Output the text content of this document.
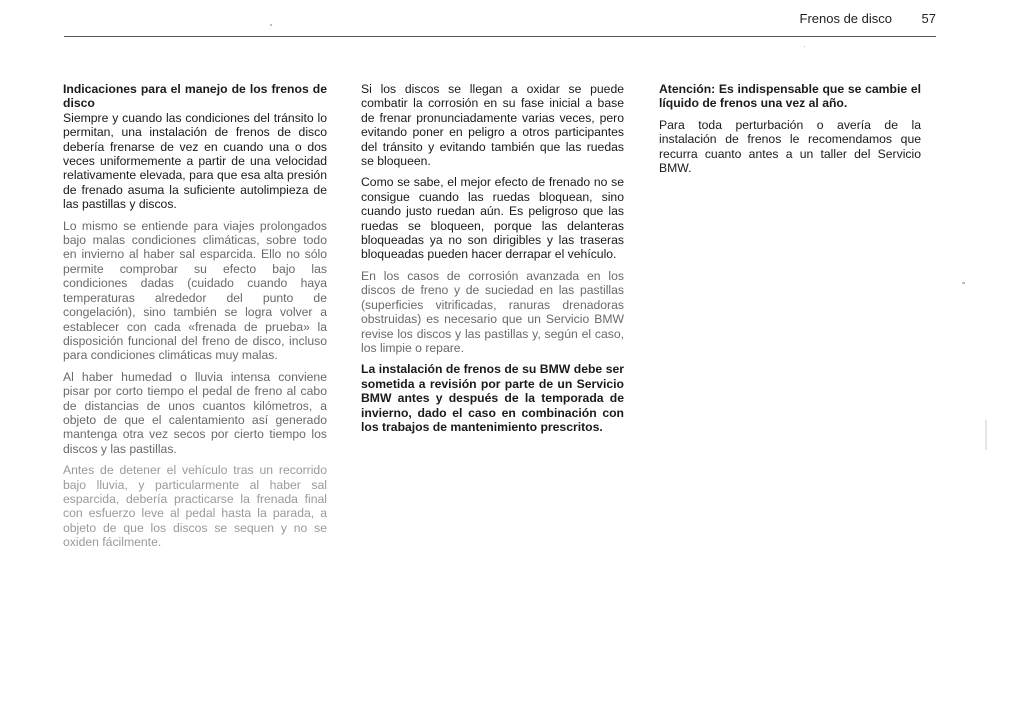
Frenos de disco 57

Indicaciones para el manejo de los frenos de disco

Siempre y cuando las condiciones del tránsito lo permitan, una instalación de frenos de disco debería frenarse de vez en cuando una o dos veces uniformemente a partir de una velocidad relativamente elevada, para que esa alta presión de frenado asuma la suficiente autolimpieza de las pastillas y discos.

Lo mismo se entiende para viajes prolongados bajo malas condiciones climáticas, sobre todo en invierno al haber sal esparcida. Ello no sólo permite comprobar su efecto bajo las condiciones dadas (cuidado cuando haya temperaturas alrededor del punto de congelación), sino también se logra volver a establecer con cada «frenada de prueba» la disposición funcional del freno de disco, incluso para condiciones climáticas muy malas.

Al haber humedad o lluvia intensa conviene pisar por corto tiempo el pedal de freno al cabo de distancias de unos cuantos kilómetros, a objeto de que el calentamiento así generado mantenga otra vez secos por cierto tiempo los discos y las pastillas.

Antes de detener el vehículo tras un recorrido bajo lluvia, y particularmente al haber sal esparcida, debería practicarse la frenada final con esfuerzo leve al pedal hasta la parada, a objeto de que los discos se sequen y no se oxiden fácilmente.

Si los discos se llegan a oxidar se puede combatir la corrosión en su fase inicial a base de frenar pronunciadamente varias veces, pero evitando poner en peligro a otros participantes del tránsito y evitando también que las ruedas se bloqueen.

Como se sabe, el mejor efecto de frenado no se consigue cuando las ruedas bloquean, sino cuando justo ruedan aún. Es peligroso que las ruedas se bloqueen, porque las delanteras bloqueadas ya no son dirigibles y las traseras bloqueadas pueden hacer derrapar el vehículo.

En los casos de corrosión avanzada en los discos de freno y de suciedad en las pastillas (superficies vitrificadas, ranuras drenadoras obstruidas) es necesario que un Servicio BMW revise los discos y las pastillas y, según el caso, los limpie o repare.

La instalación de frenos de su BMW debe ser sometida a revisión por parte de un Servicio BMW antes y después de la temporada de invierno, dado el caso en combinación con los trabajos de mantenimiento prescritos.

Atención: Es indispensable que se cambie el líquido de frenos una vez al año.

Para toda perturbación o avería de la instalación de frenos le recomendamos que recurra cuanto antes a un taller del Servicio BMW.
